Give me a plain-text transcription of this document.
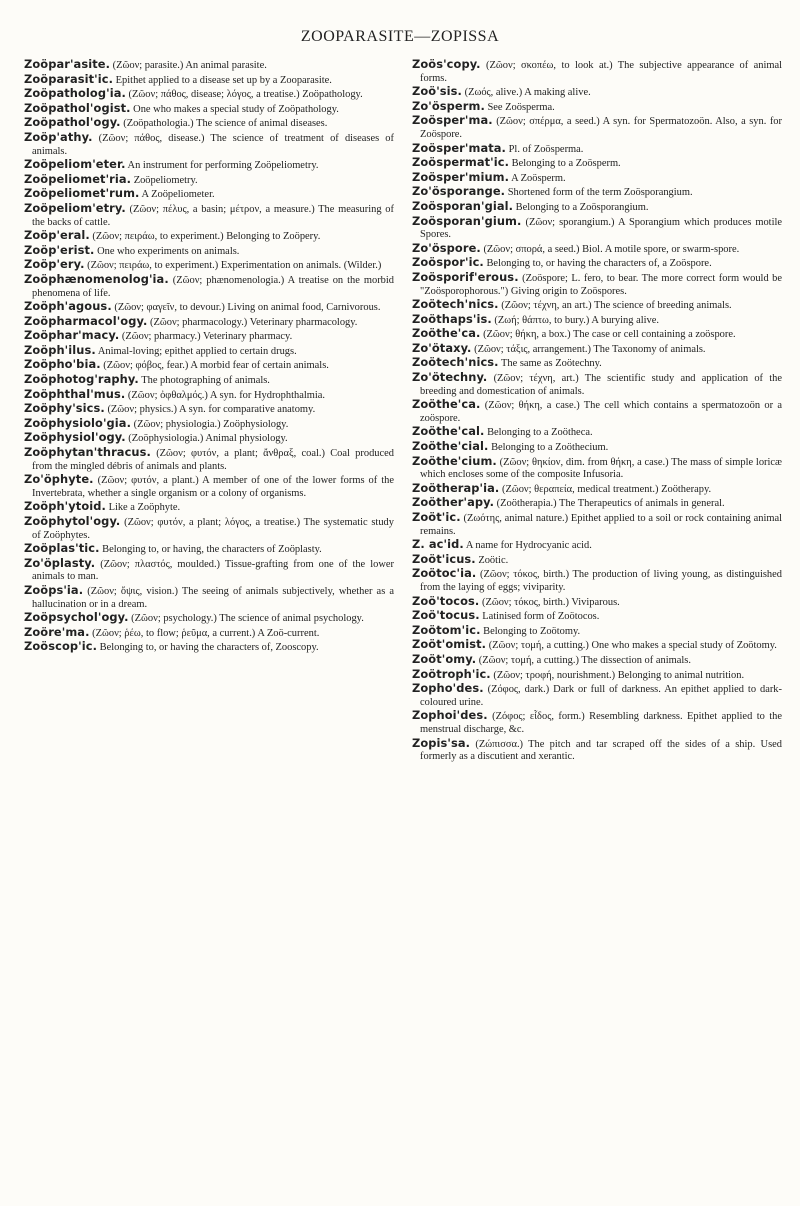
ZOOPARASITE—ZOPISSA

Zoöpar'asite. (Ζῶον; parasite.) An animal parasite.

Zoöparasit'ic. Epithet applied to a disease set up by a Zooparasite.

Zoöpatholog'ia. (Ζῶον; πάθος, disease; λόγος, a treatise.) Zoöpathology.

Zoöpathol'ogist. One who makes a special study of Zoöpathology.

Zoöpathol'ogy. (Zoöpathologia.) The science of animal diseases.

Zoöp'athy. (Ζῶον; πάθος, disease.) The science of treatment of diseases of animals.

Zoöpeliom'eter. An instrument for performing Zoöpeliometry.

Zoöpeliomet'ria. Zoöpeliometry.

Zoöpeliomet'rum. A Zoöpeliometer.

Zoöpeliom'etry. (Ζῶον; πέλυς, a basin; μέτρον, a measure.) The measuring of the backs of cattle.

Zoöp'eral. (Ζῶον; πειράω, to experiment.) Belonging to Zoöpery.

Zoöp'erist. One who experiments on animals.

Zoöp'ery. (Ζῶον; πειράω, to experiment.) Experimentation on animals. (Wilder.)

Zoöphænomenolog'ia. (Ζῶον; phænomenologia.) A treatise on the morbid phenomena of life.

Zoöph'agous. (Ζῶον; φαγεῖν, to devour.) Living on animal food, Carnivorous.

Zoöpharmacol'ogy. (Ζῶον; pharmacology.) Veterinary pharmacology.

Zoöphar'macy. (Ζῶον; pharmacy.) Veterinary pharmacy.

Zoöph'ilus. Animal-loving; epithet applied to certain drugs.

Zoöpho'bia. (Ζῶον; φόβος, fear.) A morbid fear of certain animals.

Zoöphotog'raphy. The photographing of animals.

Zoöphthal'mus. (Ζῶον; ὀφθαλμός.) A syn. for Hydrophthalmia.

Zoöphy'sics. (Ζῶον; physics.) A syn. for comparative anatomy.

Zoöphysiolo'gia. (Ζῶον; physiologia.) Zoöphysiology.

Zoöphysiol'ogy. (Zoöphysiologia.) Animal physiology.

Zoöphytan'thracus. (Ζῶον; φυτόν, a plant; ἄνθραξ, coal.) Coal produced from the mingled débris of animals and plants.

Zo'öphyte. (Ζῶον; φυτόν, a plant.) A member of one of the lower forms of the Invertebrata, whether a single organism or a colony of organisms.

Zoöph'ytoid. Like a Zoöphyte.

Zoöphytol'ogy. (Ζῶον; φυτόν, a plant; λόγος, a treatise.) The systematic study of Zoöphytes.

Zoöplas'tic. Belonging to, or having, the characters of Zoöplasty.

Zo'öplasty. (Ζῶον; πλαστός, moulded.) Tissue-grafting from one of the lower animals to man.

Zoöps'ia. (Ζῶον; ὄψις, vision.) The seeing of animals subjectively, whether as a hallucination or in a dream.

Zoöpsychol'ogy. (Ζῶον; psychology.) The science of animal psychology.

Zoöre'ma. (Ζῶον; ῥέω, to flow; ῥεῦμα, a current.) A Zoö-current.

Zoöscop'ic. Belonging to, or having the characters of, Zooscopy.

Zoös'copy. (Ζῶον; σκοπέω, to look at.) The subjective appearance of animal forms.

Zoö'sis. (Ζωός, alive.) A making alive.

Zo'ösperm. See Zoösperma.

Zoösper'ma. (Ζῶον; σπέρμα, a seed.) A syn. for Spermatozoön. Also, a syn. for Zoöspore.

Zoösper'mata. Pl. of Zoösperma.

Zoöspermat'ic. Belonging to a Zoösperm.

Zoösper'mium. A Zoösperm.

Zo'ösporange. Shortened form of the term Zoösporangium.

Zoösporan'gial. Belonging to a Zoösporangium.

Zoösporan'gium. (Ζῶον; sporangium.) A Sporangium which produces motile Spores.

Zo'öspore. (Ζῶον; σπορά, a seed.) Biol. A motile spore, or swarm-spore.

Zoöspor'ic. Belonging to, or having the characters of, a Zoöspore.

Zoösporif'erous. (Zoöspore; L. fero, to bear. The more correct form would be "Zoösporophorous.") Giving origin to Zoöspores.

Zoötech'nics. (Ζῶον; τέχνη, an art.) The science of breeding animals.

Zoöthaps'is. (Ζωή; θάπτω, to bury.) A burying alive.

Zoöthe'ca. (Ζῶον; θήκη, a box.) The case or cell containing a zoöspore.

Zo'ötaxy. (Ζῶον; τάξις, arrangement.) The Taxonomy of animals.

Zoötech'nics. The same as Zoötechny.

Zo'ötechny. (Ζῶον; τέχνη, art.) The scientific study and application of the breeding and domestication of animals.

Zoöthe'ca. (Ζῶον; θήκη, a case.) The cell which contains a spermatozoön or a zoöspore.

Zoöthe'cal. Belonging to a Zoötheca.

Zoöthe'cial. Belonging to a Zoöthecium.

Zoöthe'cium. (Ζῶον; θηκίον, dim. from θήκη, a case.) The mass of simple loricæ which encloses some of the composite Infusoria.

Zoötherap'ia. (Ζῶον; θεραπεία, medical treatment.) Zoötherapy.

Zoöther'apy. (Zoötherapia.) The Therapeutics of animals in general.

Zoöt'ic. (Ζωότης, animal nature.) Epithet applied to a soil or rock containing animal remains.

Z. ac'id. A name for Hydrocyanic acid.

Zoöt'icus. Zoötic.

Zoötoc'ia. (Ζῶον; τόκος, birth.) The production of living young, as distinguished from the laying of eggs; viviparity.

Zoö'tocos. (Ζῶον; τόκος, birth.) Viviparous.

Zoö'tocus. Latinised form of Zoötocos.

Zoötom'ic. Belonging to Zoötomy.

Zoöt'omist. (Ζῶον; τομή, a cutting.) One who makes a special study of Zoötomy.

Zoöt'omy. (Ζῶον; τομή, a cutting.) The dissection of animals.

Zoötroph'ic. (Ζῶον; τροφή, nourishment.) Belonging to animal nutrition.

Zopho'des. (Ζόφος, dark.) Dark or full of darkness. An epithet applied to dark-coloured urine.

Zophoi'des. (Ζόφος; εἶδος, form.) Resembling darkness. Epithet applied to the menstrual discharge, &c.

Zopis'sa. (Ζώπισσα.) The pitch and tar scraped off the sides of a ship. Used formerly as a discutient and xerantic.
